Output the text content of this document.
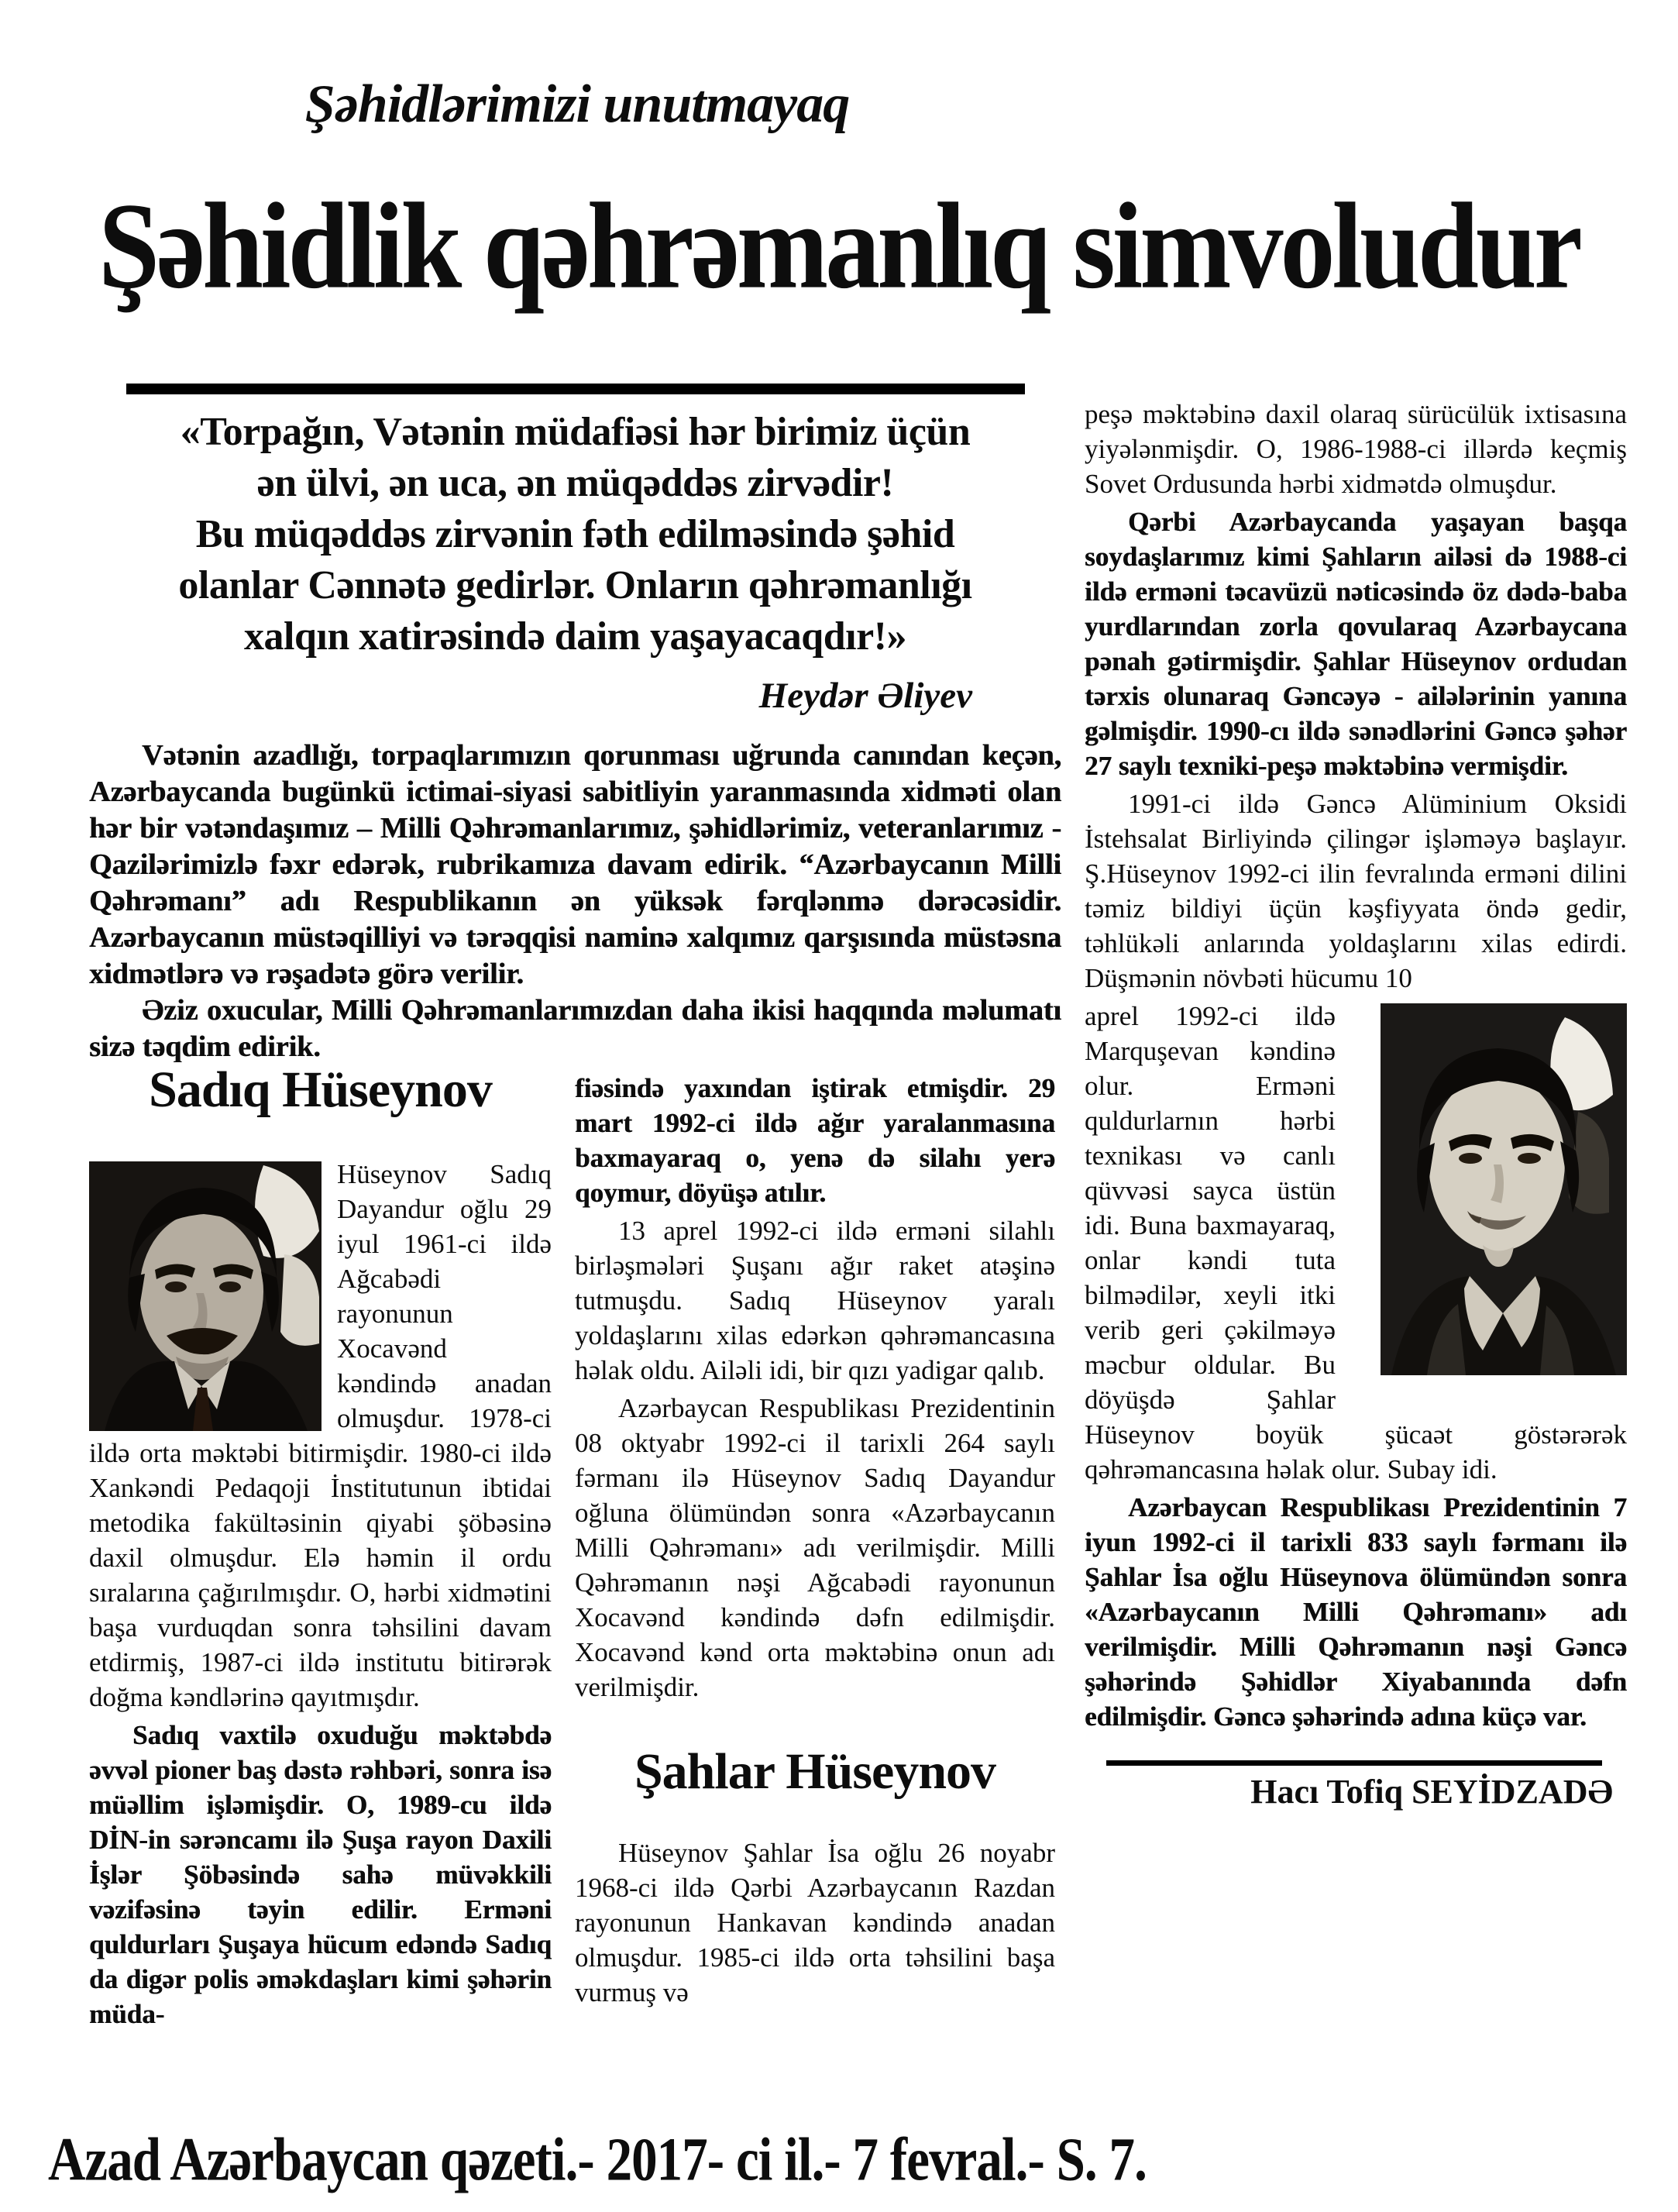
Şəhidlərimizi unutmayaq
Şəhidlik qəhrəmanlıq simvoludur
«Torpağın, Vətənin müdafiəsi hər birimiz üçün
ən ülvi, ən uca, ən müqəddəs zirvədir!
Bu müqəddəs zirvənin fəth edilməsində şəhid
olanlar Cənnətə gedirlər. Onların qəhrəmanlığı
xalqın xatirəsində daim yaşayacaqdır!»
Heydər Əliyev

Vətənin azadlığı, torpaqlarımızın qorunması uğrunda canından keçən, Azərbaycanda bugünkü ictimai-siyasi sabitliyin yaranmasında xidməti olan hər bir vətəndaşımız – Milli Qəhrəmanlarımız, şəhidlərimiz, veteranlarımız - Qazilərimizlə fəxr edərək, rubrikamıza davam edirik. “Azərbaycanın Milli Qəhrəmanı” adı Respublikanın ən yüksək fərqlənmə dərəcəsidir. Azərbaycanın müstəqilliyi və tərəqqisi naminə xalqımız qarşısında müstəsna xidmətlərə və rəşadətə görə verilir.

Əziz oxucular, Milli Qəhrəmanlarımızdan daha ikisi haqqında məlumatı sizə təqdim edirik.

Sadıq Hüseynov

Hüseynov Sadıq Dayandur oğlu 29 iyul 1961-ci ildə Ağcabədi rayonunun Xocavənd kəndində anadan olmuşdur. 1978-ci ildə orta məktəbi bitirmişdir. 1980-ci ildə Xankəndi Pedaqoji İnstitutunun ibtidai metodika fakültəsinin qiyabi şöbəsinə daxil olmuşdur. Elə həmin il ordu sıralarına çağırılmışdır. O, hərbi xidmətini başa vurduqdan sonra təhsilini davam etdirmiş, 1987-ci ildə institutu bitirərək doğma kəndlərinə qayıtmışdır.

Sadıq vaxtilə oxuduğu məktəbdə əvvəl pioner baş dəstə rəhbəri, sonra isə müəllim işləmişdir. O, 1989-cu ildə DİN-in sərəncamı ilə Şuşa rayon Daxili İşlər Şöbəsində sahə müvəkkili vəzifəsinə təyin edilir. Erməni quldurları Şuşaya hücum edəndə Sadıq da digər polis əməkdaşları kimi şəhərin müda-

fiəsində yaxından iştirak etmişdir. 29 mart 1992-ci ildə ağır yaralanmasına baxmayaraq o, yenə də silahı yerə qoymur, döyüşə atılır.

13 aprel 1992-ci ildə erməni silahlı birləşmələri Şuşanı ağır raket atəşinə tutmuşdu. Sadıq Hüseynov yaralı yoldaşlarını xilas edərkən qəhrəmancasına həlak oldu. Ailəli idi, bir qızı yadigar qalıb.

Azərbaycan Respublikası Prezidentinin 08 oktyabr 1992-ci il tarixli 264 saylı fərmanı ilə Hüseynov Sadıq Dayandur oğluna ölümündən sonra «Azərbaycanın Milli Qəhrəmanı» adı verilmişdir. Milli Qəhrəmanın nəşi Ağcabədi rayonunun Xocavənd kəndində dəfn edilmişdir. Xocavənd kənd orta məktəbinə onun adı verilmişdir.

Şahlar Hüseynov

Hüseynov Şahlar İsa oğlu 26 noyabr 1968-ci ildə Qərbi Azərbaycanın Razdan rayonunun Hankavan kəndində anadan olmuşdur. 1985-ci ildə orta təhsilini başa vurmuş və

peşə məktəbinə daxil olaraq sürücülük ixtisasına yiyələnmişdir. O, 1986-1988-ci illərdə keçmiş Sovet Ordusunda hərbi xidmətdə olmuşdur.

Qərbi Azərbaycanda yaşayan başqa soydaşlarımız kimi Şahların ailəsi də 1988-ci ildə erməni təcavüzü nəticəsində öz dədə-baba yurdlarından zorla qovularaq Azərbaycana pənah gətirmişdir. Şahlar Hüseynov ordudan tərxis olunaraq Gəncəyə - ailələrinin yanına gəlmişdir. 1990-cı ildə sənədlərini Gəncə şəhər 27 saylı texniki-peşə məktəbinə vermişdir.

1991-ci ildə Gəncə Alüminium Oksidi İstehsalat Birliyində çilingər işləməyə başlayır. Ş.Hüseynov 1992-ci ilin fevralında erməni dilini təmiz bildiyi üçün kəşfiyyata öndə gedir, təhlükəli anlarında yoldaşlarını xilas edirdi. Düşmənin növbəti hücumu 10

aprel 1992-ci ildə Marquşevan kəndinə olur. Erməni quldurlarnın hərbi texnikası və canlı qüvvəsi sayca üstün idi. Buna baxmayaraq, onlar kəndi tuta bilmədilər, xeyli itki verib geri çəkilməyə məcbur oldular. Bu döyüşdə Şahlar Hüseynov boyük şücaət göstərərək qəhrəmancasına həlak olur. Subay idi.

Azərbaycan Respublikası Prezidentinin 7 iyun 1992-ci il tarixli 833 saylı fərmanı ilə Şahlar İsa oğlu Hüseynova ölümündən sonra «Azərbaycanın Milli Qəhrəmanı» adı verilmişdir. Milli Qəhrəmanın nəşi Gəncə şəhərində Şəhidlər Xiyabanında dəfn edilmişdir. Gəncə şəhərində adına küçə var.

Hacı Tofiq SEYİDZADƏ
Azad Azərbaycan qəzeti.- 2017- ci il.- 7 fevral.- S. 7.
